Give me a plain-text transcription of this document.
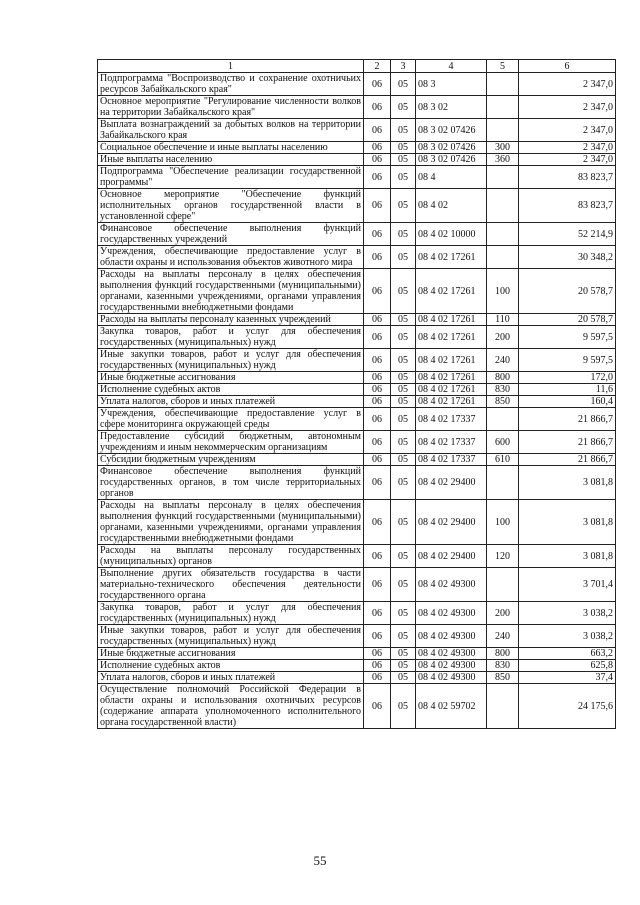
1	2	3	4	5	6
Подпрограмма "Воспроизводство и сохранение охотничьих ресурсов Забайкальского края"	06	05	08 3		2 347,0
Основное мероприятие "Регулирование численности волков на территории Забайкальского края"	06	05	08 3 02		2 347,0
Выплата вознаграждений за добытых волков на территории Забайкальского края	06	05	08 3 02 07426		2 347,0
Социальное обеспечение и иные выплаты населению	06	05	08 3 02 07426	300	2 347,0
Иные выплаты населению	06	05	08 3 02 07426	360	2 347,0
Подпрограмма "Обеспечение реализации государственной программы"	06	05	08 4		83 823,7
Основное мероприятие "Обеспечение функций исполнительных органов государственной власти в установленной сфере"	06	05	08 4 02		83 823,7
Финансовое обеспечение выполнения функций государственных учреждений	06	05	08 4 02 10000		52 214,9
Учреждения, обеспечивающие предоставление услуг в области охраны и использования объектов животного мира	06	05	08 4 02 17261		30 348,2
Расходы на выплаты персоналу в целях обеспечения выполнения функций государственными (муниципальными) органами, казенными учреждениями, органами управления государственными внебюджетными фондами	06	05	08 4 02 17261	100	20 578,7
Расходы на выплаты персоналу казенных учреждений	06	05	08 4 02 17261	110	20 578,7
Закупка товаров, работ и услуг для обеспечения государственных (муниципальных) нужд	06	05	08 4 02 17261	200	9 597,5
Иные закупки товаров, работ и услуг для обеспечения государственных (муниципальных) нужд	06	05	08 4 02 17261	240	9 597,5
Иные бюджетные ассигнования	06	05	08 4 02 17261	800	172,0
Исполнение судебных актов	06	05	08 4 02 17261	830	11,6
Уплата налогов, сборов и иных платежей	06	05	08 4 02 17261	850	160,4
Учреждения, обеспечивающие предоставление услуг в сфере мониторинга окружающей среды	06	05	08 4 02 17337		21 866,7
Предоставление субсидий бюджетным, автономным учреждениям и иным некоммерческим организациям	06	05	08 4 02 17337	600	21 866,7
Субсидии бюджетным учреждениям	06	05	08 4 02 17337	610	21 866,7
Финансовое обеспечение выполнения функций государственных органов, в том числе территориальных органов	06	05	08 4 02 29400		3 081,8
Расходы на выплаты персоналу в целях обеспечения выполнения функций государственными (муниципальными) органами, казенными учреждениями, органами управления государственными внебюджетными фондами	06	05	08 4 02 29400	100	3 081,8
Расходы на выплаты персоналу государственных (муниципальных) органов	06	05	08 4 02 29400	120	3 081,8
Выполнение других обязательств государства в части материально-технического обеспечения деятельности государственного органа	06	05	08 4 02 49300		3 701,4
Закупка товаров, работ и услуг для обеспечения государственных (муниципальных) нужд	06	05	08 4 02 49300	200	3 038,2
Иные закупки товаров, работ и услуг для обеспечения государственных (муниципальных) нужд	06	05	08 4 02 49300	240	3 038,2
Иные бюджетные ассигнования	06	05	08 4 02 49300	800	663,2
Исполнение судебных актов	06	05	08 4 02 49300	830	625,8
Уплата налогов, сборов и иных платежей	06	05	08 4 02 49300	850	37,4
Осуществление полномочий Российской Федерации в области охраны и использования охотничьих ресурсов (содержание аппарата уполномоченного исполнительного органа государственной власти)	06	05	08 4 02 59702		24 175,6
55
